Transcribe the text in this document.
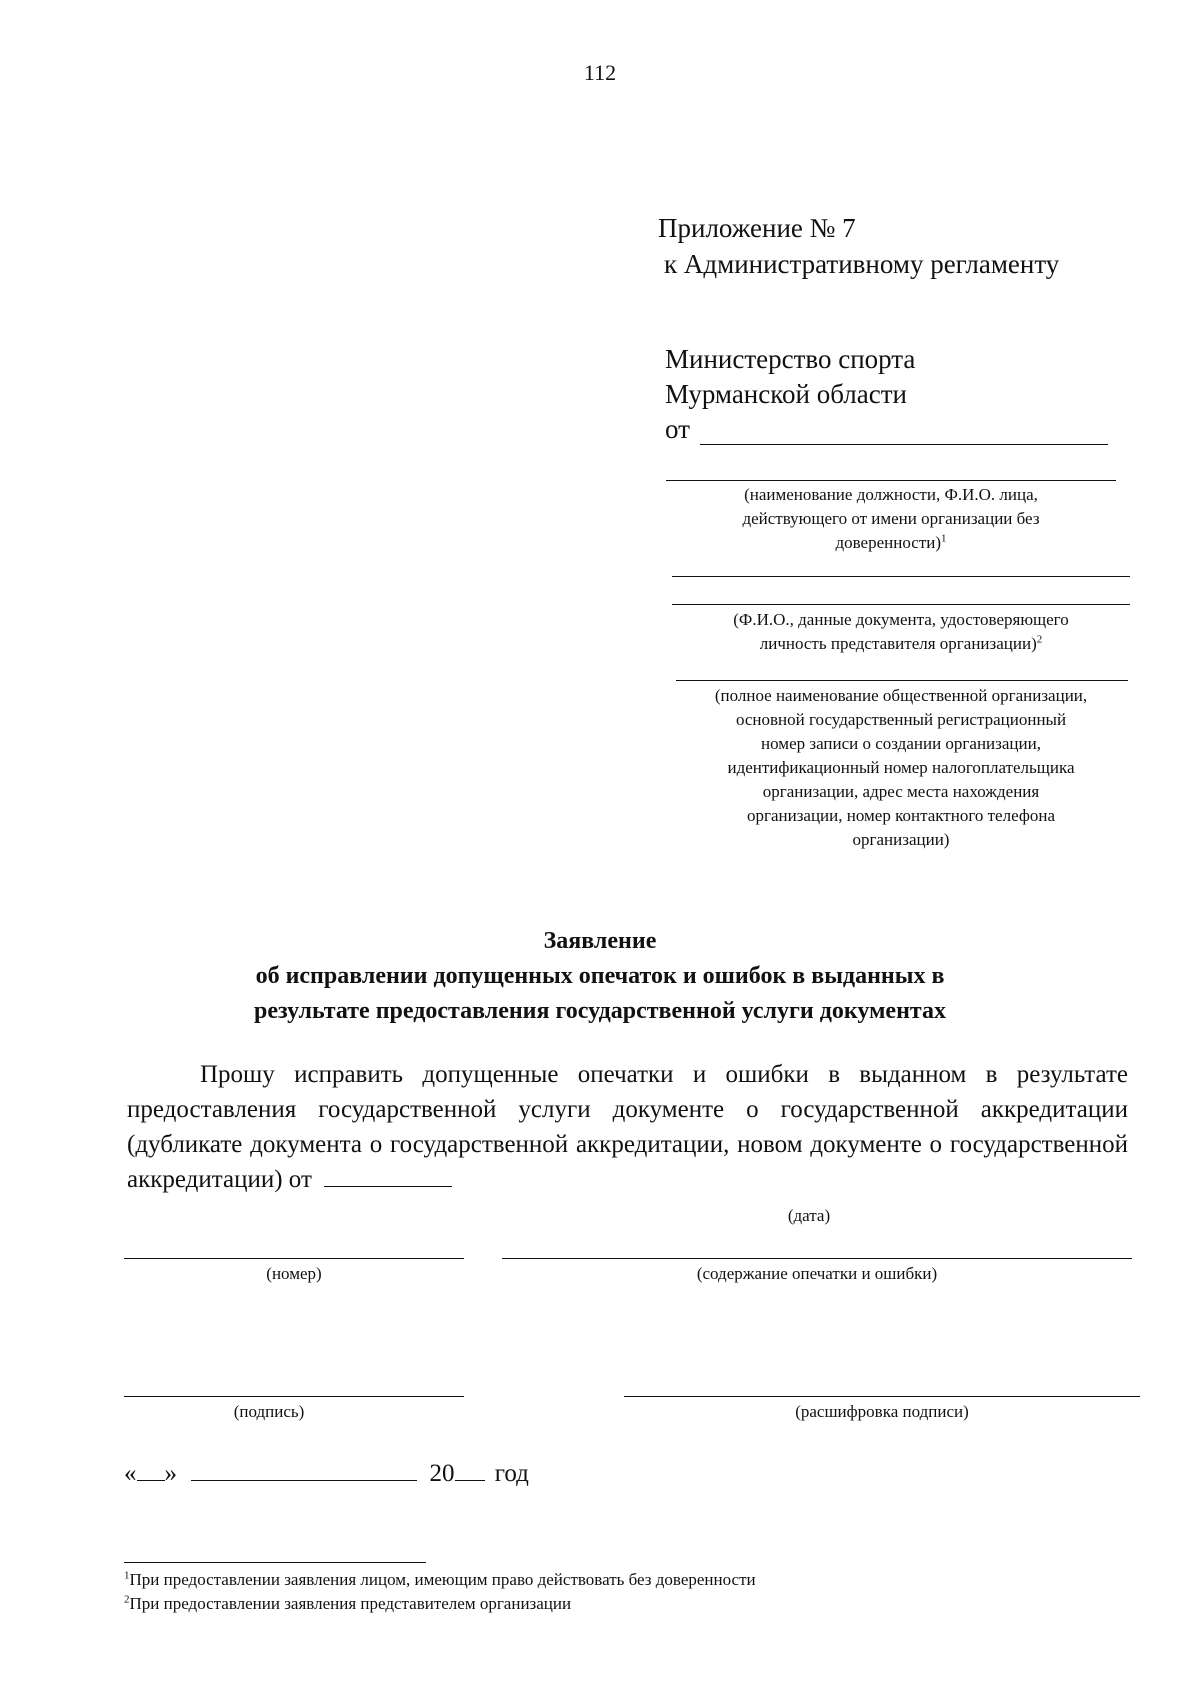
112
Приложение № 7
к Административному регламенту
Министерство спорта
Мурманской области
от
(наименование должности, Ф.И.О. лица,
действующего от имени организации без
доверенности)$^1$
(Ф.И.О., данные документа, удостоверяющего
личность представителя организации)$^2$
(полное наименование общественной организации,
основной государственный регистрационный
номер записи о создании организации,
идентификационный номер налогоплательщика
организации, адрес места нахождения
организации, номер контактного телефона
организации)
Заявление
об исправлении допущенных опечаток и ошибок в выданных в
результате предоставления государственной услуги документах
Прошу исправить допущенные опечатки и ошибки в выданном в результате предоставления государственной услуги документе о государственной аккредитации (дубликате документа о государственной аккредитации, новом документе о государственной аккредитации) от
(дата)
(номер)	(содержание опечатки и ошибки)
(подпись)	(расшифровка подписи)
« »	20 год
$^1$При предоставлении заявления лицом, имеющим право действовать без доверенности
$^2$При предоставлении заявления представителем организации
